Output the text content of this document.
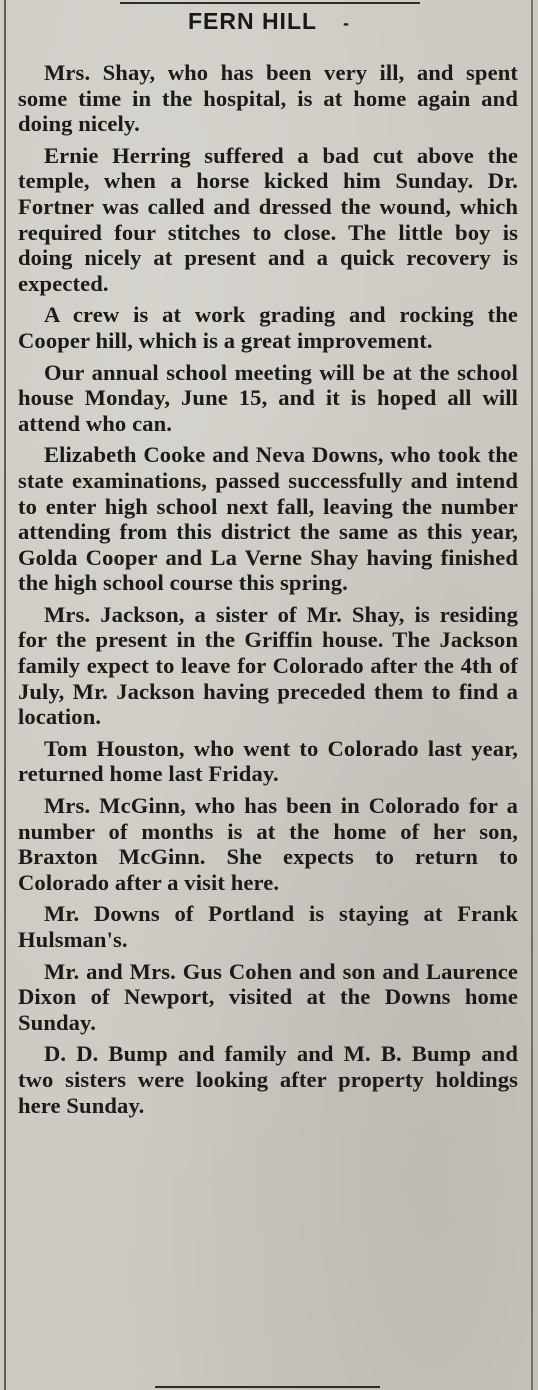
FERN HILL -

Mrs. Shay, who has been very ill, and spent some time in the hospital, is at home again and doing nicely.

Ernie Herring suffered a bad cut above the temple, when a horse kicked him Sunday. Dr. Fortner was called and dressed the wound, which required four stitches to close. The little boy is doing nicely at present and a quick recovery is expected.

A crew is at work grading and rocking the Cooper hill, which is a great improvement.

Our annual school meeting will be at the school house Monday, June 15, and it is hoped all will attend who can.

Elizabeth Cooke and Neva Downs, who took the state examinations, passed successfully and intend to enter high school next fall, leaving the number attending from this district the same as this year, Golda Cooper and La Verne Shay having finished the high school course this spring.

Mrs. Jackson, a sister of Mr. Shay, is residing for the present in the Griffin house. The Jackson family expect to leave for Colorado after the 4th of July, Mr. Jackson having preceded them to find a location.

Tom Houston, who went to Colorado last year, returned home last Friday.

Mrs. McGinn, who has been in Colorado for a number of months is at the home of her son, Braxton McGinn. She expects to return to Colorado after a visit here.

Mr. Downs of Portland is staying at Frank Hulsman's.

Mr. and Mrs. Gus Cohen and son and Laurence Dixon of Newport, visited at the Downs home Sunday.

D. D. Bump and family and M. B. Bump and two sisters were looking after property holdings here Sunday.
